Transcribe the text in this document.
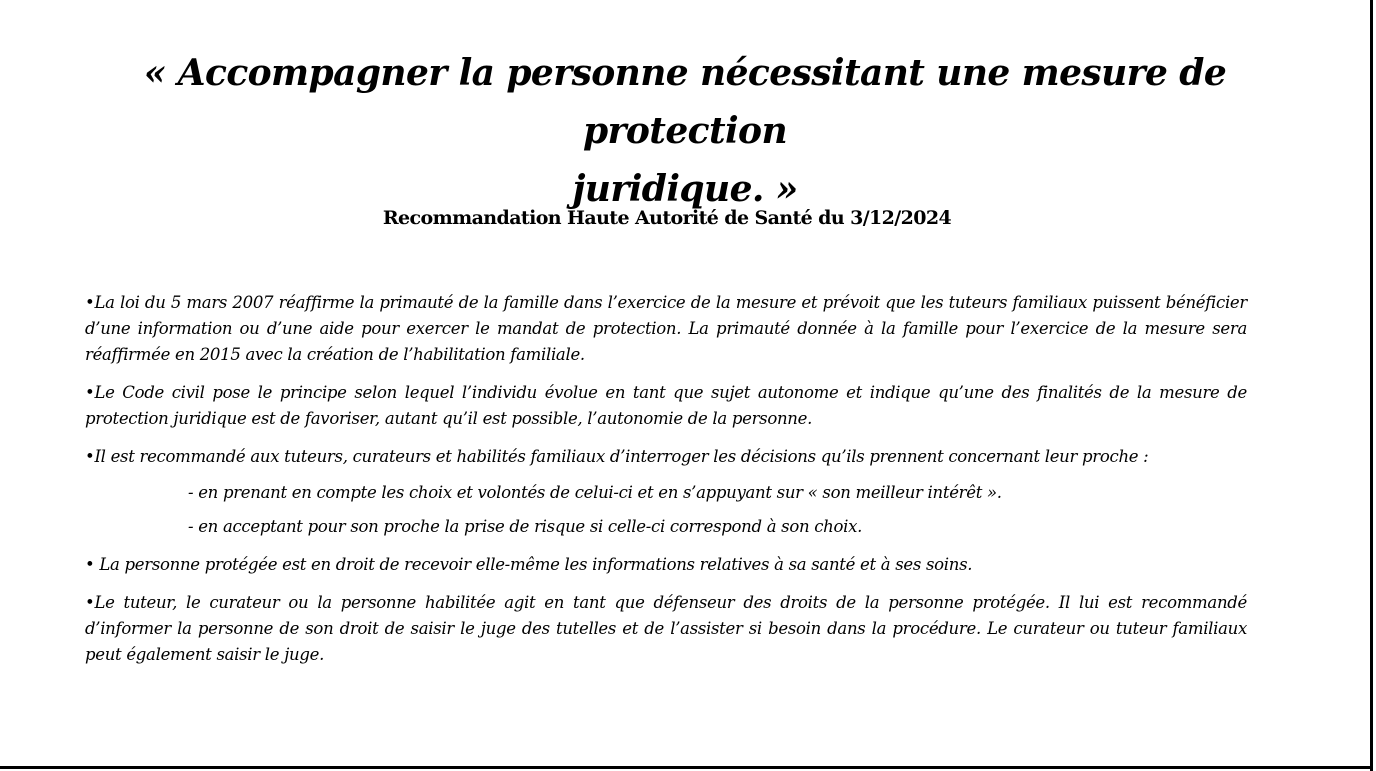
« Accompagner la personne nécessitant une mesure de protection
juridique. »
Recommandation Haute Autorité de Santé du 3/12/2024

•La loi du 5 mars 2007 réaffirme la primauté de la famille dans l’exercice de la mesure et prévoit que les tuteurs familiaux puissent bénéficier d’une information ou d’une aide pour exercer le mandat de protection. La primauté donnée à la famille pour l’exercice de la mesure sera réaffirmée en 2015 avec la création de l’habilitation familiale.

•Le Code civil pose le principe selon lequel l’individu évolue en tant que sujet autonome et indique qu’une des finalités de la mesure de protection juridique est de favoriser, autant qu’il est possible, l’autonomie de la personne.

•Il est recommandé aux tuteurs, curateurs et habilités familiaux d’interroger les décisions qu’ils prennent concernant leur proche :

- en prenant en compte les choix et volontés de celui-ci et en s’appuyant sur « son meilleur intérêt ».
- en acceptant pour son proche la prise de risque si celle-ci correspond à son choix.

• La personne protégée est en droit de recevoir elle-même les informations relatives à sa santé et à ses soins.

•Le tuteur, le curateur ou la personne habilitée agit en tant que défenseur des droits de la personne protégée. Il lui est recommandé d’informer la personne de son droit de saisir le juge des tutelles et de l’assister si besoin dans la procédure. Le curateur ou tuteur familiaux peut également saisir le juge.
